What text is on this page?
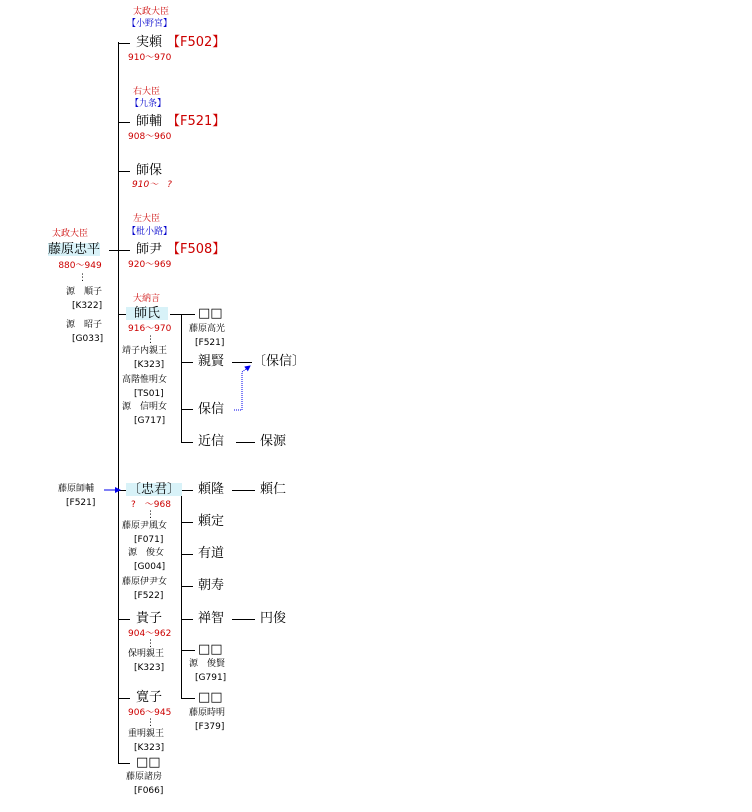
太政大臣
藤原忠平
880〜949
⋮
源　順子
[K322]
源　昭子
[G033]
太政大臣
【小野宮】
実頼 【F502】
910〜970
右大臣
【九条】
師輔 【F521】
908〜960
師保
910〜　?
左大臣
【枇小路】
師尹 【F508】
920〜969
大納言
師氏
916〜970
⋮
靖子内親王
[K323]
高階惟明女
[TS01]
源　信明女
[G717]
□□
藤原高光
[F521]
親賢 〔保信〕
保信
近信	保源
藤原師輔
[F521]
〔忠君〕
?　〜968
⋮
藤原尹風女
[F071]
源　俊女
[G004]
藤原伊尹女
[F522]
頼隆	頼仁
頼定
有道
朝寿
禅智	円俊
□□
源　俊賢
[G791]
□□
藤原時明
[F379]
貴子
904〜962
⋮
保明親王
[K323]
寛子
906〜945
⋮
重明親王
[K323]
□□
藤原諸房
[F066]
